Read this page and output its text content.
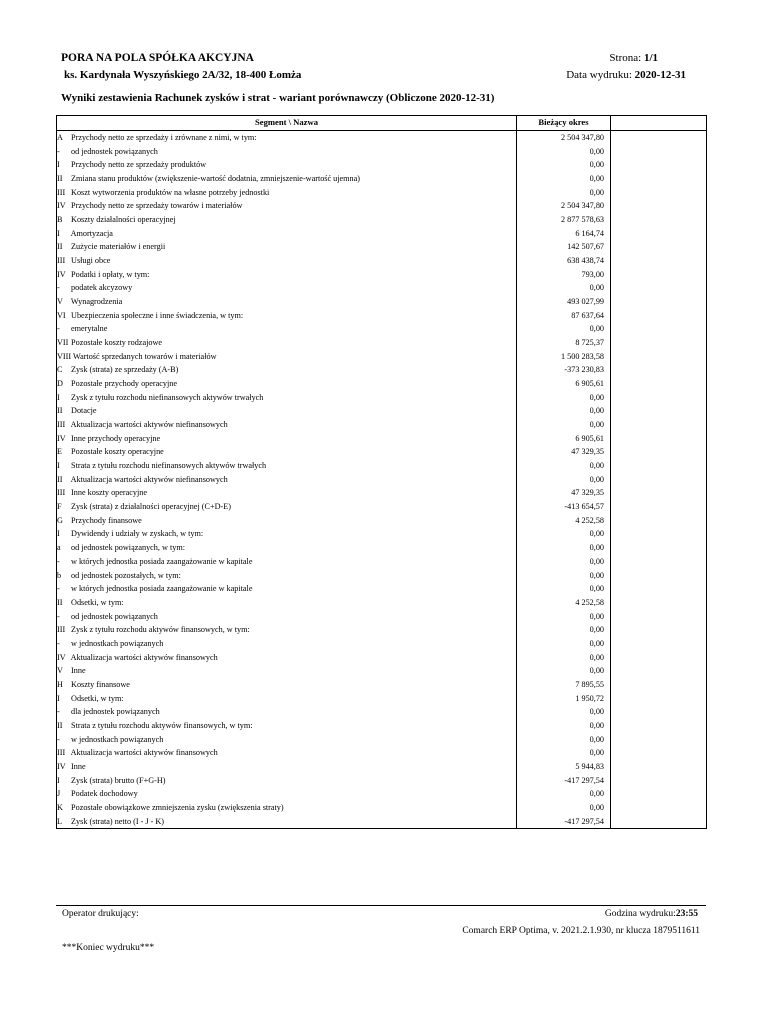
PORA NA POLA SPÓŁKA AKCYJNA
ks. Kardynała Wyszyńskiego 2A/32, 18-400 Łomża
Strona: 1/1
Data wydruku: 2020-12-31
Wyniki zestawienia Rachunek zysków i strat - wariant porównawczy (Obliczone 2020-12-31)
Segment \ Nazwa	Bieżący okres	
A Przychody netto ze sprzedaży i zrównane z nimi, w tym:	2 504 347,80	
- od jednostek powiązanych	0,00	
I Przychody netto ze sprzedaży produktów	0,00	
II Zmiana stanu produktów (zwiększenie-wartość dodatnia, zmniejszenie-wartość ujemna)	0,00	
III Koszt wytworzenia produktów na własne potrzeby jednostki	0,00	
IV Przychody netto ze sprzedaży towarów i materiałów	2 504 347,80	
B Koszty działalności operacyjnej	2 877 578,63	
I Amortyzacja	6 164,74	
II Zużycie materiałów i energii	142 507,67	
III Usługi obce	638 438,74	
IV Podatki i opłaty, w tym:	793,00	
- podatek akcyzowy	0,00	
V Wynagrodzenia	493 027,99	
VI Ubezpieczenia społeczne i inne świadczenia, w tym:	87 637,64	
- emerytalne	0,00	
VII Pozostałe koszty rodzajowe	8 725,37	
VIII Wartość sprzedanych towarów i materiałów	1 500 283,58	
C Zysk (strata) ze sprzedaży (A-B)	-373 230,83	
D Pozostałe przychody operacyjne	6 905,61	
I Zysk z tytułu rozchodu niefinansowych aktywów trwałych	0,00	
II Dotacje	0,00	
III Aktualizacja wartości aktywów niefinansowych	0,00	
IV Inne przychody operacyjne	6 905,61	
E Pozostałe koszty operacyjne	47 329,35	
I Strata z tytułu rozchodu niefinansowych aktywów trwałych	0,00	
II Aktualizacja wartości aktywów niefinansowych	0,00	
III Inne koszty operacyjne	47 329,35	
F Zysk (strata) z działalności operacyjnej (C+D-E)	-413 654,57	
G Przychody finansowe	4 252,58	
I Dywidendy i udziały w zyskach, w tym:	0,00	
a od jednostek powiązanych, w tym:	0,00	
- w których jednostka posiada zaangażowanie w kapitale	0,00	
b od jednostek pozostałych, w tym:	0,00	
- w których jednostka posiada zaangażowanie w kapitale	0,00	
II Odsetki, w tym:	4 252,58	
- od jednostek powiązanych	0,00	
III Zysk z tytułu rozchodu aktywów finansowych, w tym:	0,00	
- w jednostkach powiązanych	0,00	
IV Aktualizacja wartości aktywów finansowych	0,00	
V Inne	0,00	
H Koszty finansowe	7 895,55	
I Odsetki, w tym:	1 950,72	
- dla jednostek powiązanych	0,00	
II Strata z tytułu rozchodu aktywów finansowych, w tym:	0,00	
- w jednostkach powiązanych	0,00	
III Aktualizacja wartości aktywów finansowych	0,00	
IV Inne	5 944,83	
I Zysk (strata) brutto (F+G-H)	-417 297,54	
J Podatek dochodowy	0,00	
K Pozostałe obowiązkowe zmniejszenia zysku (zwiększenia straty)	0,00	
L Zysk (strata) netto (I - J - K)	-417 297,54	
Operator drukujący:	Godzina wydruku:23:55
Comarch ERP Optima, v. 2021.2.1.930, nr klucza 1879511611
***Koniec wydruku***
